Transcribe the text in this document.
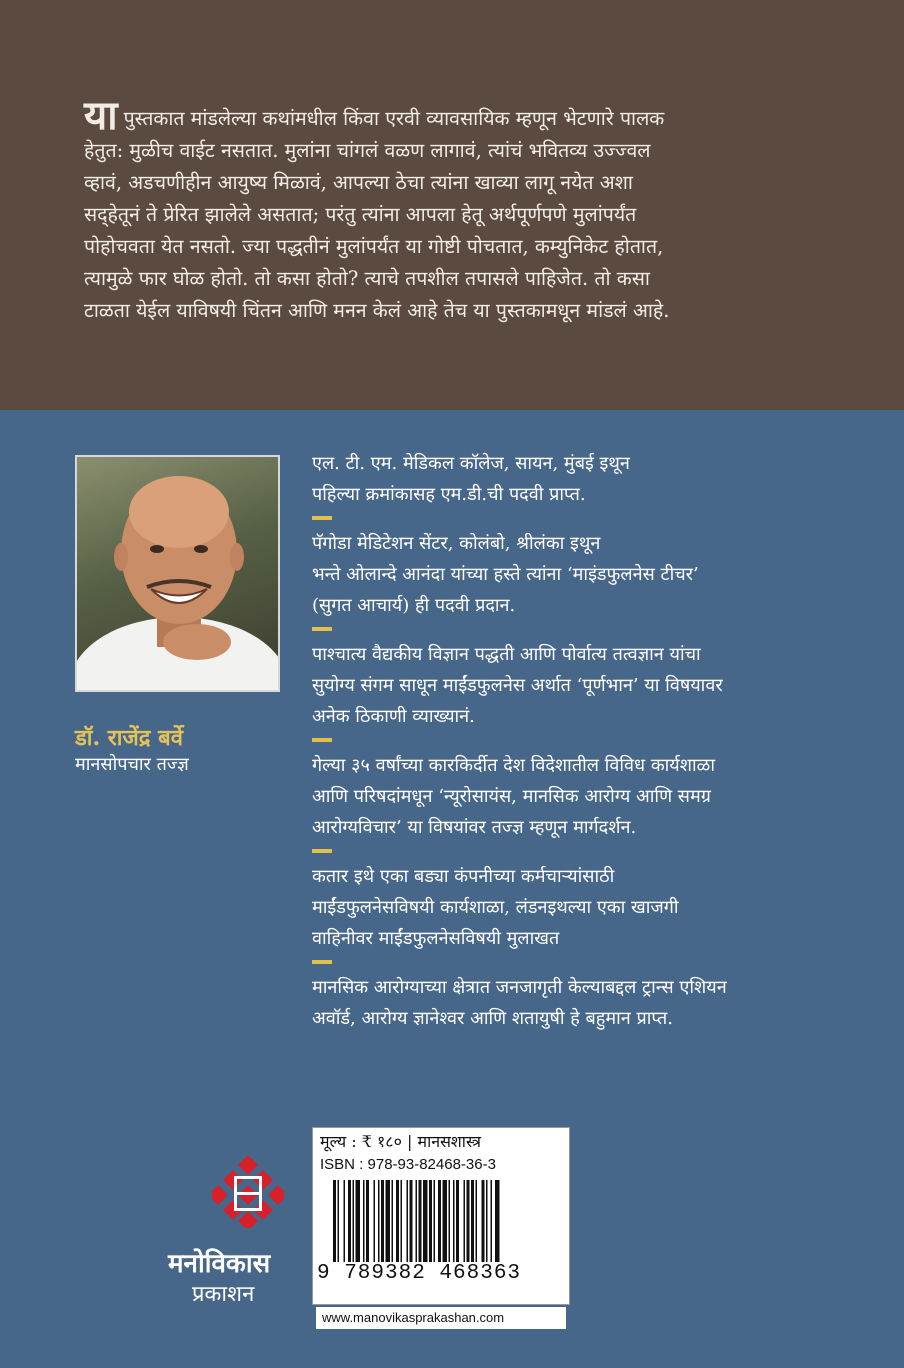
यापुस्तकात मांडलेल्या कथांमधील किंवा एरवी व्यावसायिक म्हणून भेटणारे पालक
हेतुत: मुळीच वाईट नसतात. मुलांना चांगलं वळण लागावं, त्यांचं भवितव्य उज्ज्वल
व्हावं, अडचणीहीन आयुष्य मिळावं, आपल्या ठेचा त्यांना खाव्या लागू नयेत अशा
सद्हेतूनं ते प्रेरित झालेले असतात; परंतु त्यांना आपला हेतू अर्थपूर्णपणे मुलांपर्यंत
पोहोचवता येत नसतो. ज्या पद्धतीनं मुलांपर्यंत या गोष्टी पोचतात, कम्युनिकेट होतात,
त्यामुळे फार घोळ होतो. तो कसा होतो? त्याचे तपशील तपासले पाहिजेत. तो कसा
टाळता येईल याविषयी चिंतन आणि मनन केलं आहे तेच या पुस्तकामधून मांडलं आहे.
डॉ. राजेंद्र बर्वे
मानसोपचार तज्ज्ञ
एल. टी. एम. मेडिकल कॉलेज, सायन, मुंबई इथून
पहिल्या क्रमांकासह एम.डी.ची पदवी प्राप्त.
पॅगोडा मेडिटेशन सेंटर, कोलंबो, श्रीलंका इथून
भन्ते ओलान्दे आनंदा यांच्या हस्ते त्यांना ‘माइंडफुलनेस टीचर’
(सुगत आचार्य) ही पदवी प्रदान.
पाश्चात्य वैद्यकीय विज्ञान पद्धती आणि पोर्वात्य तत्वज्ञान यांचा
सुयोग्य संगम साधून माईंडफुलनेस अर्थात ‘पूर्णभान’ या विषयावर
अनेक ठिकाणी व्याख्यानं.
गेल्या ३५ वर्षांच्या कारकिर्दीत देश विदेशातील विविध कार्यशाळा
आणि परिषदांमधून ‘न्यूरोसायंस, मानसिक आरोग्य आणि समग्र
आरोग्यविचार’ या विषयांवर तज्ज्ञ म्हणून मार्गदर्शन.
कतार इथे एका बड्या कंपनीच्या कर्मचाऱ्यांसाठी
माईंडफुलनेसविषयी कार्यशाळा, लंडनइथल्या एका खाजगी
वाहिनीवर माईंडफुलनेसविषयी मुलाखत
मानसिक आरोग्याच्या क्षेत्रात जनजागृती केल्याबद्दल ट्रान्स एशियन
अवॉर्ड, आरोग्य ज्ञानेश्वर आणि शतायुषी हे बहुमान प्राप्त.
मनोविकास
प्रकाशन
मूल्य : ₹ १८० | मानसशास्त्र
ISBN : 978-93-82468-36-3
9 789382 468363
www.manovikasprakashan.com
